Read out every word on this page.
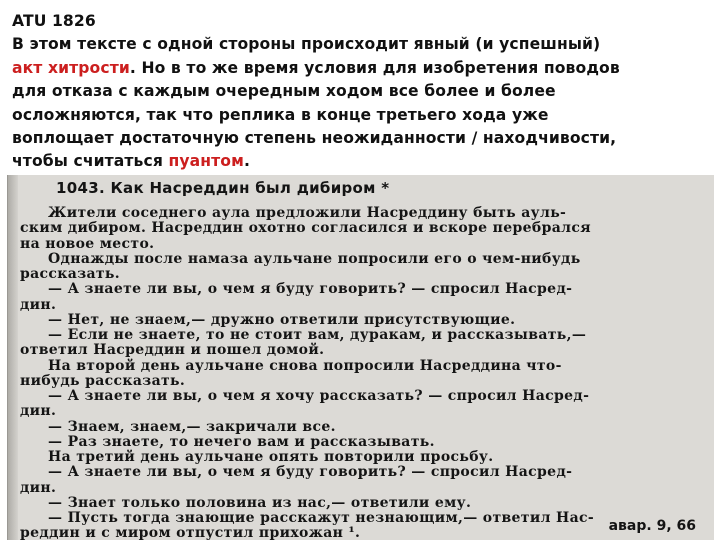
ATU 1826
В этом тексте с одной стороны происходит явный (и успешный)
акт хитрости. Но в то же время условия для изобретения поводов
для отказа с каждым очередным ходом все более и более
осложняются, так что реплика в конце третьего хода уже
воплощает достаточную степень неожиданности / находчивости,
чтобы считаться пуантом.
1043. Как Насреддин был дибиром *
авар. 9, 66
Жители соседнего аула предложили Насреддину быть ауль-
ским дибиром. Насреддин охотно согласился и вскоре перебрался
на новое место.
Однажды после намаза аульчане попросили его о чем-нибудь
рассказать.
— А знаете ли вы, о чем я буду говорить? — спросил Насред-
дин.
— Нет, не знаем,— дружно ответили присутствующие.
— Если не знаете, то не стоит вам, дуракам, и рассказывать,—
ответил Насреддин и пошел домой.
На второй день аульчане снова попросили Насреддина что-
нибудь рассказать.
— А знаете ли вы, о чем я хочу рассказать? — спросил Насред-
дин.
— Знаем, знаем,— закричали все.
— Раз знаете, то нечего вам и рассказывать.
На третий день аульчане опять повторили просьбу.
— А знаете ли вы, о чем я буду говорить? — спросил Насред-
дин.
— Знает только половина из нас,— ответили ему.
— Пусть тогда знающие расскажут незнающим,— ответил Нас-
реддин и с миром отпустил прихожан ¹.
